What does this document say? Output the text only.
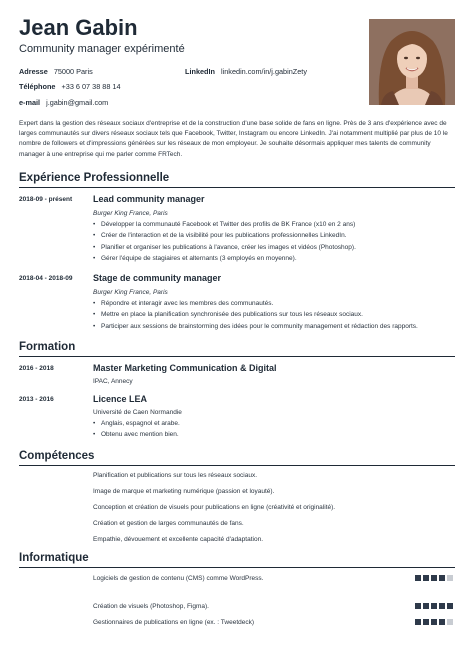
Jean Gabin
Community manager expérimenté
Adresse 75000 Paris	LinkedIn linkedin.com/in/j.gabinZety
Téléphone +33 6 07 38 88 14
e-mail j.gabin@gmail.com

Expert dans la gestion des réseaux sociaux d'entreprise et de la construction d'une base solide de fans en ligne. Près de 3 ans d'expérience avec de larges communautés sur divers réseaux sociaux tels que Facebook, Twitter, Instagram ou encore LinkedIn. J'ai notamment multiplié par plus de 10 le nombre de followers et d'impressions générées sur les réseaux de mon employeur. Je souhaite désormais appliquer mes talents de community manager à une entreprise qui me parler comme FRTech.

Expérience Professionnelle
2018-09 - présent Lead community manager
Burger King France, Paris
• Développer la communauté Facebook et Twitter des profils de BK France (x10 en 2 ans)
• Créer de l'interaction et de la visibilité pour les publications professionnelles LinkedIn.
• Planifier et organiser les publications à l'avance, créer les images et vidéos (Photoshop).
• Gérer l'équipe de stagiaires et alternants (3 employés en moyenne).
2018-04 - 2018-09 Stage de community manager
Burger King France, Paris
• Répondre et interagir avec les membres des communautés.
• Mettre en place la planification synchronisée des publications sur tous les réseaux sociaux.
• Participer aux sessions de brainstorming des idées pour le community management et rédaction des rapports.
Formation
2016 - 2018	Master Marketing Communication & Digital
IPAC, Annecy
2013 - 2016	Licence LEA
Université de Caen Normandie
• Anglais, espagnol et arabe.
• Obtenu avec mention bien.
Compétences
Planification et publications sur tous les réseaux sociaux.
Image de marque et marketing numérique (passion et loyauté).
Conception et création de visuels pour publications en ligne (créativité et originalité).
Création et gestion de larges communautés de fans.
Empathie, dévouement et excellente capacité d'adaptation.
Informatique
Logiciels de gestion de contenu (CMS) comme WordPress.
Création de visuels (Photoshop, Figma).
Gestionnaires de publications en ligne (ex. : Tweetdeck)
